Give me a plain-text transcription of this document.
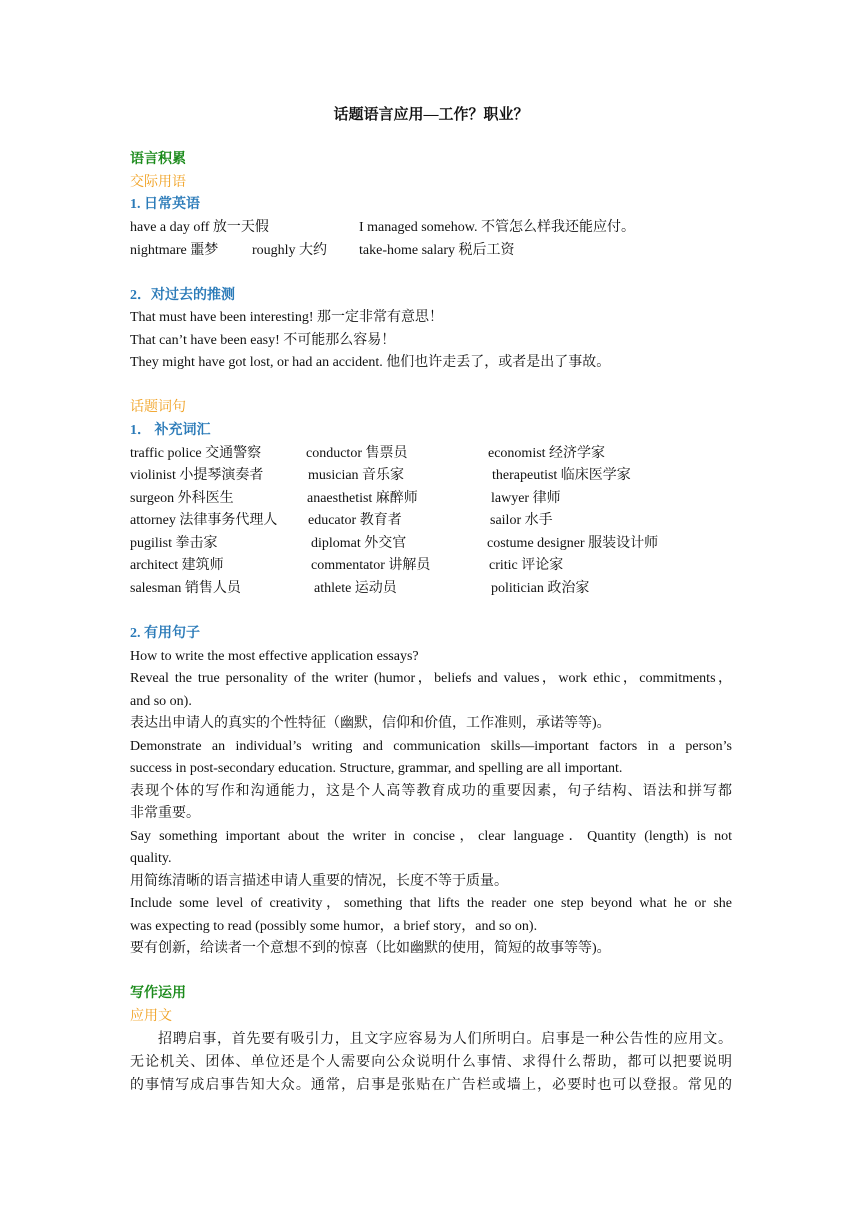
话题语言应用—工作？职业？
语言积累
交际用语
1. 日常英语
have a day off 放一天假	I managed somehow. 不管怎么样我还能应付。
nightmare 噩梦 roughly 大约 take-home salary 税后工资
2．对过去的推测
That must have been interesting! 那一定非常有意思！
That can’t have been easy! 不可能那么容易！
They might have got lost, or had an accident. 他们也许走丢了，或者是出了事故。
话题词句
1． 补充词汇
traffic police 交通警察	conductor 售票员	economist 经济学家
violinist 小提琴演奏者	musician 音乐家	therapeutist 临床医学家
surgeon 外科医生	anaesthetist 麻醉师	lawyer 律师
attorney 法律事务代理人 educator 教育者	sailor 水手
pugilist 拳击家	diplomat 外交官	costume designer 服装设计师
architect 建筑师	commentator 讲解员	critic 评论家
salesman 销售人员	athlete 运动员	politician 政治家
2. 有用句子
How to write the most effective application essays?
Reveal the true personality of the writer (humor，beliefs and values，work ethic，commitments，
and so on).
表达出申请人的真实的个性特征（幽默，信仰和价值，工作准则，承诺等等)。
Demonstrate an individual’s writing and communication skills—important factors in a person’s
success in post-secondary education. Structure, grammar, and spelling are all important.
表现个体的写作和沟通能力，这是个人高等教育成功的重要因素，句子结构、语法和拼写都
非常重要。
Say something important about the writer in concise，clear language．Quantity (length) is not
quality.
用简练清晰的语言描述申请人重要的情况，长度不等于质量。
Include some level of creativity，something that lifts the reader one step beyond what he or she
was expecting to read (possibly some humor，a brief story，and so on).
要有创新，给读者一个意想不到的惊喜（比如幽默的使用，简短的故事等等)。
写作运用
应用文
招聘启事，首先要有吸引力，且文字应容易为人们所明白。启事是一种公告性的应用文。
无论机关、团体、单位还是个人需要向公众说明什么事情、求得什么帮助，都可以把要说明
的事情写成启事告知大众。通常，启事是张贴在广告栏或墙上，必要时也可以登报。常见的
